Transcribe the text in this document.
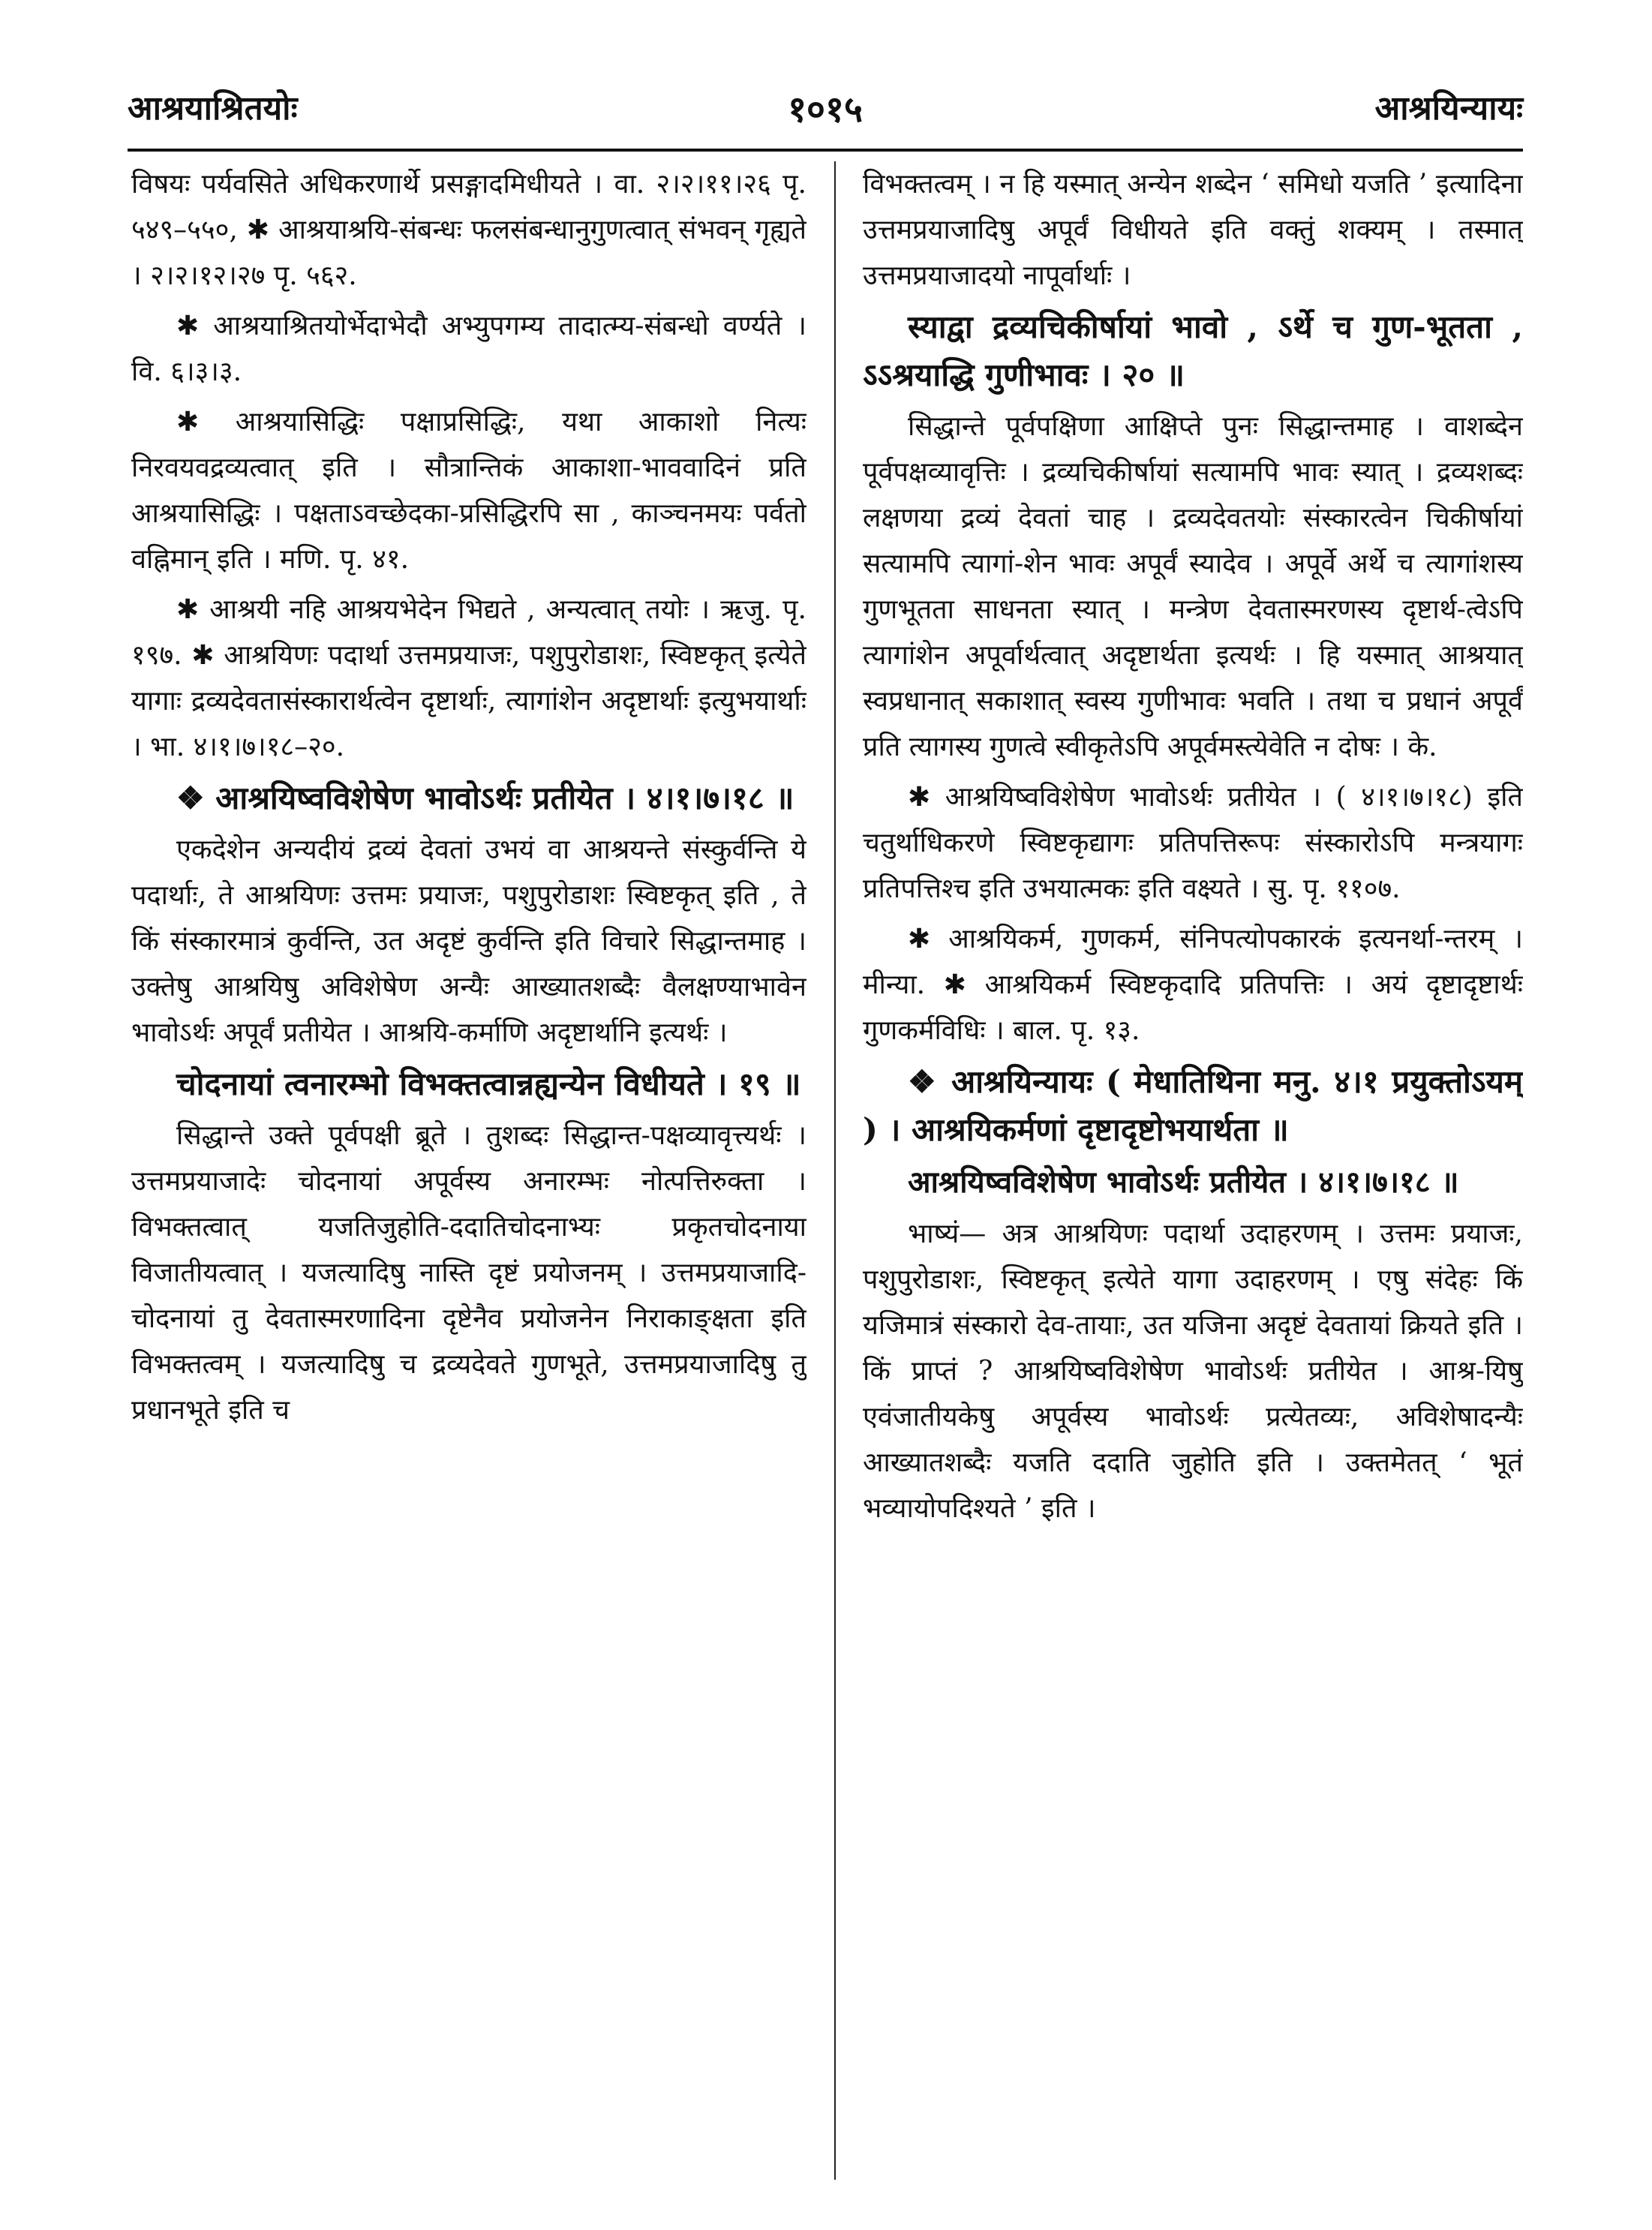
आश्रयाश्रितयोः	१०१५	आश्रयिन्यायः

विषयः पर्यवसिते अधिकरणार्थे प्रसङ्गादमिधीयते । वा. २।२।११।२६ पृ. ५४९–५५०, ✱ आश्रयाश्रयि-संबन्धः फलसंबन्धानुगुणत्वात् संभवन् गृह्यते । २।२।१२।२७ पृ. ५६२.

✱ आश्रयाश्रितयोर्भेदाभेदौ अभ्युपगम्य तादात्म्य-संबन्धो वर्ण्यते । वि. ६।३।३.

✱ आश्रयासिद्धिः पक्षाप्रसिद्धिः, यथा आकाशो नित्यः निरवयवद्रव्यत्वात् इति । सौत्रान्तिकं आकाशा-भाववादिनं प्रति आश्रयासिद्धिः । पक्षताऽवच्छेदका-प्रसिद्धिरपि सा , काञ्चनमयः पर्वतो वह्निमान् इति । मणि. पृ. ४१.

✱ आश्रयी नहि आश्रयभेदेन भिद्यते , अन्यत्वात् तयोः । ऋजु. पृ. १९७. ✱ आश्रयिणः पदार्था उत्तमप्रयाजः, पशुपुरोडाशः, स्विष्टकृत् इत्येते यागाः द्रव्यदेवतासंस्कारार्थत्वेन दृष्टार्थाः, त्यागांशेन अदृष्टार्थाः इत्युभयार्थाः । भा. ४।१।७।१८–२०.

❖ आश्रयिष्वविशेषेण भावोऽर्थः प्रतीयेत । ४।१।७।१८ ॥

एकदेशेन अन्यदीयं द्रव्यं देवतां उभयं वा आश्रयन्ते संस्कुर्वन्ति ये पदार्थाः, ते आश्रयिणः उत्तमः प्रयाजः, पशुपुरोडाशः स्विष्टकृत् इति , ते किं संस्कारमात्रं कुर्वन्ति, उत अदृष्टं कुर्वन्ति इति विचारे सिद्धान्तमाह । उक्तेषु आश्रयिषु अविशेषेण अन्यैः आख्यातशब्दैः वैलक्षण्याभावेन भावोऽर्थः अपूर्वं प्रतीयेत । आश्रयि-कर्माणि अदृष्टार्थानि इत्यर्थः ।

चोदनायां त्वनारम्भो विभक्तत्वान्नह्यन्येन विधीयते । १९ ॥

सिद्धान्ते उक्ते पूर्वपक्षी ब्रूते । तुशब्दः सिद्धान्त-पक्षव्यावृत्त्यर्थः । उत्तमप्रयाजादेः चोदनायां अपूर्वस्य अनारम्भः नोत्पत्तिरुक्ता । विभक्तत्वात् यजतिजुहोति-ददातिचोदनाभ्यः प्रकृतचोदनाया विजातीयत्वात् । यजत्यादिषु नास्ति दृष्टं प्रयोजनम् । उत्तमप्रयाजादि-चोदनायां तु देवतास्मरणादिना दृष्टेनैव प्रयोजनेन निराकाङ्क्षता इति विभक्तत्वम् । यजत्यादिषु च द्रव्यदेवते गुणभूते, उत्तमप्रयाजादिषु तु प्रधानभूते इति च

विभक्तत्वम् । न हि यस्मात् अन्येन शब्देन ‘ समिधो यजति ’ इत्यादिना उत्तमप्रयाजादिषु अपूर्वं विधीयते इति वक्तुं शक्यम् । तस्मात् उत्तमप्रयाजादयो नापूर्वार्थाः ।

स्याद्वा द्रव्यचिकीर्षायां भावो , ऽर्थे च गुण-भूतता , ऽऽश्रयाद्धि गुणीभावः । २० ॥

सिद्धान्ते पूर्वपक्षिणा आक्षिप्ते पुनः सिद्धान्तमाह । वाशब्देन पूर्वपक्षव्यावृत्तिः । द्रव्यचिकीर्षायां सत्यामपि भावः स्यात् । द्रव्यशब्दः लक्षणया द्रव्यं देवतां चाह । द्रव्यदेवतयोः संस्कारत्वेन चिकीर्षायां सत्यामपि त्यागां-शेन भावः अपूर्वं स्यादेव । अपूर्वे अर्थे च त्यागांशस्य गुणभूतता साधनता स्यात् । मन्त्रेण देवतास्मरणस्य दृष्टार्थ-त्वेऽपि त्यागांशेन अपूर्वार्थत्वात् अदृष्टार्थता इत्यर्थः । हि यस्मात् आश्रयात् स्वप्रधानात् सकाशात् स्वस्य गुणीभावः भवति । तथा च प्रधानं अपूर्वं प्रति त्यागस्य गुणत्वे स्वीकृतेऽपि अपूर्वमस्त्येवेति न दोषः । के.

✱ आश्रयिष्वविशेषेण भावोऽर्थः प्रतीयेत । ( ४।१।७।१८) इति चतुर्थाधिकरणे स्विष्टकृद्यागः प्रतिपत्तिरूपः संस्कारोऽपि मन्त्रयागः प्रतिपत्तिश्च इति उभयात्मकः इति वक्ष्यते । सु. पृ. ११०७.

✱ आश्रयिकर्म, गुणकर्म, संनिपत्योपकारकं इत्यनर्था-न्तरम् । मीन्या. ✱ आश्रयिकर्म स्विष्टकृदादि प्रतिपत्तिः । अयं दृष्टादृष्टार्थः गुणकर्मविधिः । बाल. पृ. १३.

❖ आश्रयिन्यायः ( मेधातिथिना मनु. ४।१ प्रयुक्तोऽयम् ) । आश्रयिकर्मणां दृष्टादृष्टोभयार्थता ॥

आश्रयिष्वविशेषेण भावोऽर्थः प्रतीयेत । ४।१।७।१८ ॥

भाष्यं— अत्र आश्रयिणः पदार्था उदाहरणम् । उत्तमः प्रयाजः, पशुपुरोडाशः, स्विष्टकृत् इत्येते यागा उदाहरणम् । एषु संदेहः किं यजिमात्रं संस्कारो देव-तायाः, उत यजिना अदृष्टं देवतायां क्रियते इति । किं प्राप्तं ? आश्रयिष्वविशेषेण भावोऽर्थः प्रतीयेत । आश्र-यिषु एवंजातीयकेषु अपूर्वस्य भावोऽर्थः प्रत्येतव्यः, अविशेषादन्यैः आख्यातशब्दैः यजति ददाति जुहोति इति । उक्तमेतत् ‘ भूतं भव्यायोपदिश्यते ’ इति ।
